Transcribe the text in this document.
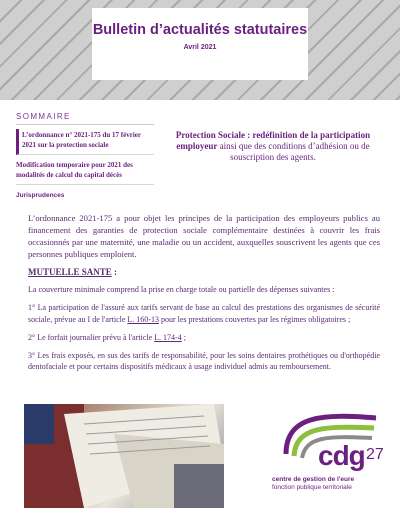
Bulletin d’actualités statutaires
Avril 2021
SOMMAIRE
L’ordonnance n° 2021-175 du 17 février 2021 sur la protection sociale
Modification temporaire pour 2021 des modalités de calcul du capital décès
Jurisprudences
Protection Sociale : redéfinition de la participation employeur ainsi que des conditions d’adhésion ou de souscription des agents.

L’ordonnance 2021-175 a pour objet les principes de la participation des employeurs publics au financement des garanties de protection sociale complémentaire destinées à couvrir les frais occasionnés par une maternité, une maladie ou un accident, auxquelles souscrivent les agents que ces personnes publiques emploient.

MUTUELLE SANTE :

La couverture minimale comprend la prise en charge totale ou partielle des dépenses suivantes :

1° La participation de l'assuré aux tarifs servant de base au calcul des prestations des organismes de sécurité sociale, prévue au I de l'article L. 160-13 pour les prestations couvertes par les régimes obligatoires ;

2° Le forfait journalier prévu à l'article L. 174-4 ;

3° Les frais exposés, en sus des tarifs de responsabilité, pour les soins dentaires prothétiques ou d'orthopédie dentofaciale et pour certains dispositifs médicaux à usage individuel admis au remboursement.

cdg 27
centre de gestion de l'eure
fonction publique territoriale
